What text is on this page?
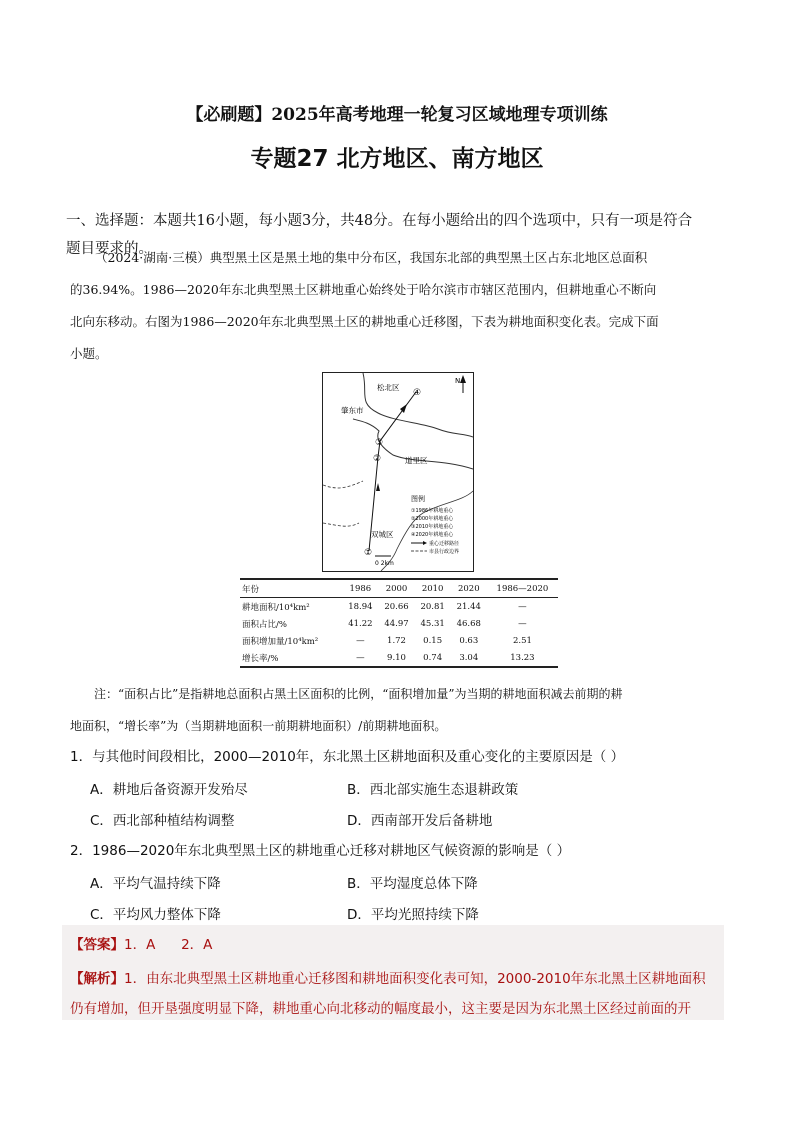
【必刷题】2025年高考地理一轮复习区域地理专项训练
专题27 北方地区、南方地区
一、选择题：本题共16小题，每小题3分，共48分。在每小题给出的四个选项中，只有一项是符合
题目要求的。
（2024·湖南·三模）典型黑土区是黑土地的集中分布区，我国东北部的典型黑土区占东北地区总面积
的36.94%。1986—2020年东北典型黑土区耕地重心始终处于哈尔滨市市辖区范围内，但耕地重心不断向
北向东移动。右图为1986—2020年东北典型黑土区的耕地重心迁移图，下表为耕地面积变化表。完成下面
小题。
①
②
③
④
松北区
肇东市
道里区
双城区
N
图例
①1986年耕地重心
②2000年耕地重心
③2010年耕地重心
④2020年耕地重心
重心迁移路径
市县行政边界
0 2km
年份	1986	2000	2010	2020	1986—2020
耕地面积/10⁴km²	18.94	20.66	20.81	21.44	—
面积占比/%	41.22	44.97	45.31	46.68	—
面积增加量/10⁴km²	—	1.72	0.15	0.63	2.51
增长率/%	—	9.10	0.74	3.04	13.23
注：“面积占比”是指耕地总面积占黑土区面积的比例，“面积增加量”为当期的耕地面积减去前期的耕
地面积，“增长率”为（当期耕地面积一前期耕地面积）/前期耕地面积。
1．与其他时间段相比，2000—2010年，东北黑土区耕地面积及重心变化的主要原因是（ ）
A．耕地后备资源开发殆尽	B．西北部实施生态退耕政策
C．西北部种植结构调整	D．西南部开发后备耕地
2．1986—2020年东北典型黑土区的耕地重心迁移对耕地区气候资源的影响是（ ）
A．平均气温持续下降	B．平均湿度总体下降
C．平均风力整体下降	D．平均光照持续下降
【答案】1．A      2．A
【解析】1．由东北典型黑土区耕地重心迁移图和耕地面积变化表可知，2000-2010年东北黑土区耕地面积
仍有增加，但开垦强度明显下降，耕地重心向北移动的幅度最小，这主要是因为东北黑土区经过前面的开
